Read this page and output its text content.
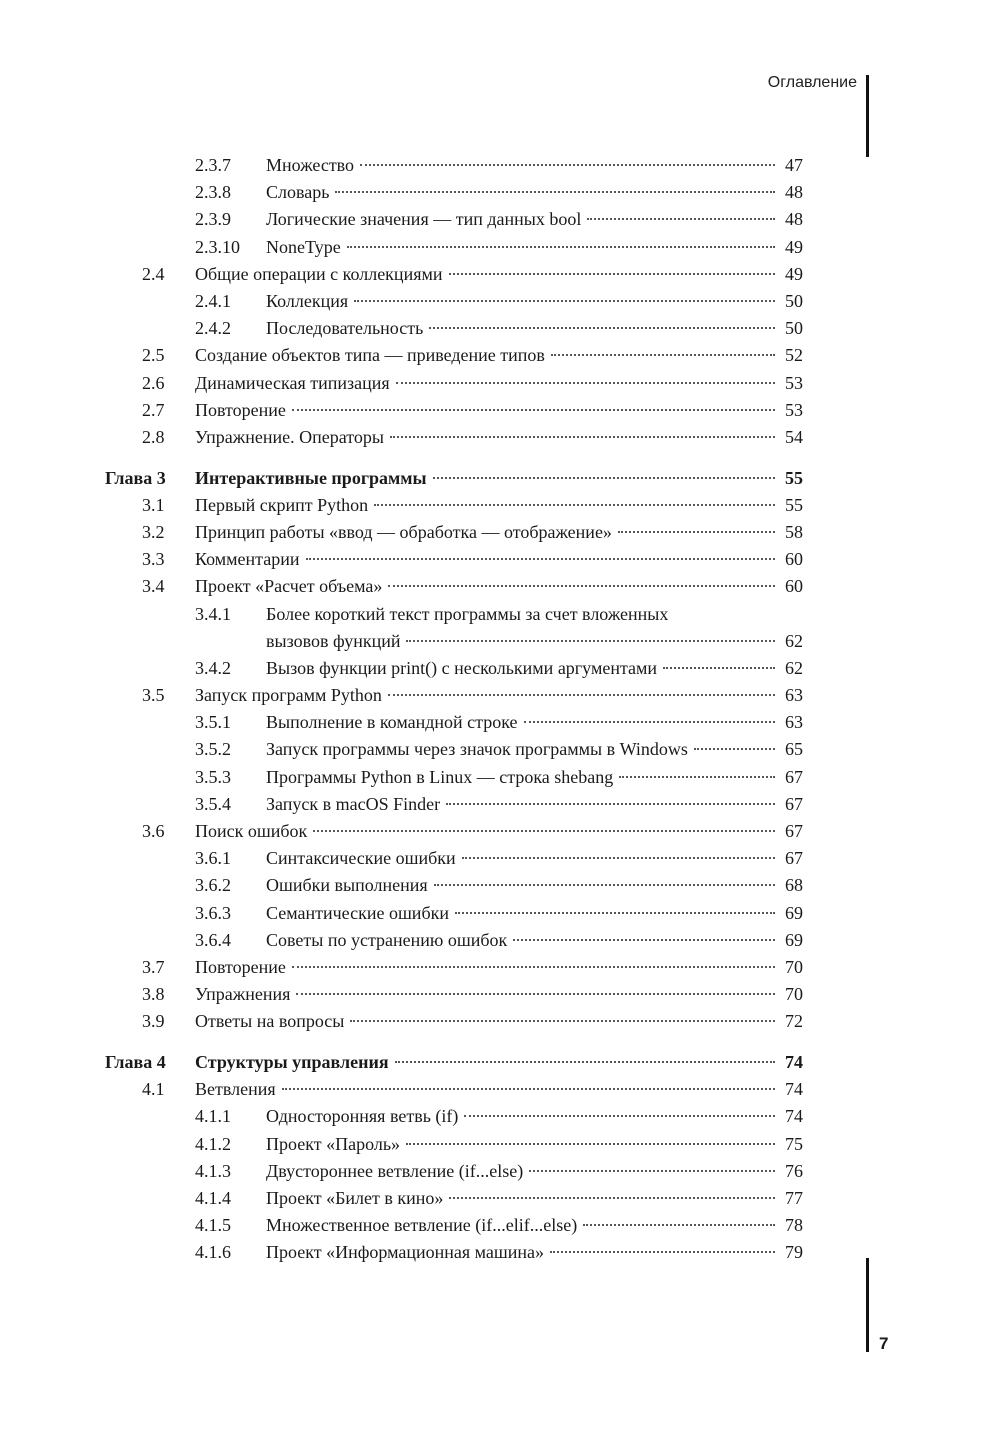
Оглавление
7
2.3.7 Множество	47
2.3.8 Словарь	48
2.3.9 Логические значения — тип данных bool	48
2.3.10 NoneType	49
2.4 Общие операции с коллекциями	49
2.4.1 Коллекция	50
2.4.2 Последовательность	50
2.5 Создание объектов типа — приведение типов	52
2.6 Динамическая типизация	53
2.7 Повторение	53
2.8 Упражнение. Операторы	54
Глава 3 Интерактивные программы	55
3.1 Первый скрипт Python	55
3.2 Принцип работы «ввод — обработка — отображение»	58
3.3 Комментарии	60
3.4 Проект «Расчет объема»	60
3.4.1 Более короткий текст программы за счет вложенных
вызовов функций	62
3.4.2 Вызов функции print() с несколькими аргументами	62
3.5 Запуск программ Python	63
3.5.1 Выполнение в командной строке	63
3.5.2 Запуск программы через значок программы в Windows	65
3.5.3 Программы Python в Linux — строка shebang	67
3.5.4 Запуск в macOS Finder	67
3.6 Поиск ошибок	67
3.6.1 Синтаксические ошибки	67
3.6.2 Ошибки выполнения	68
3.6.3 Семантические ошибки	69
3.6.4 Советы по устранению ошибок	69
3.7 Повторение	70
3.8 Упражнения	70
3.9 Ответы на вопросы	72
Глава 4 Структуры управления	74
4.1 Ветвления	74
4.1.1 Односторонняя ветвь (if)	74
4.1.2 Проект «Пароль»	75
4.1.3 Двустороннее ветвление (if...else)	76
4.1.4 Проект «Билет в кино»	77
4.1.5 Множественное ветвление (if...elif...else)	78
4.1.6 Проект «Информационная машина»	79
